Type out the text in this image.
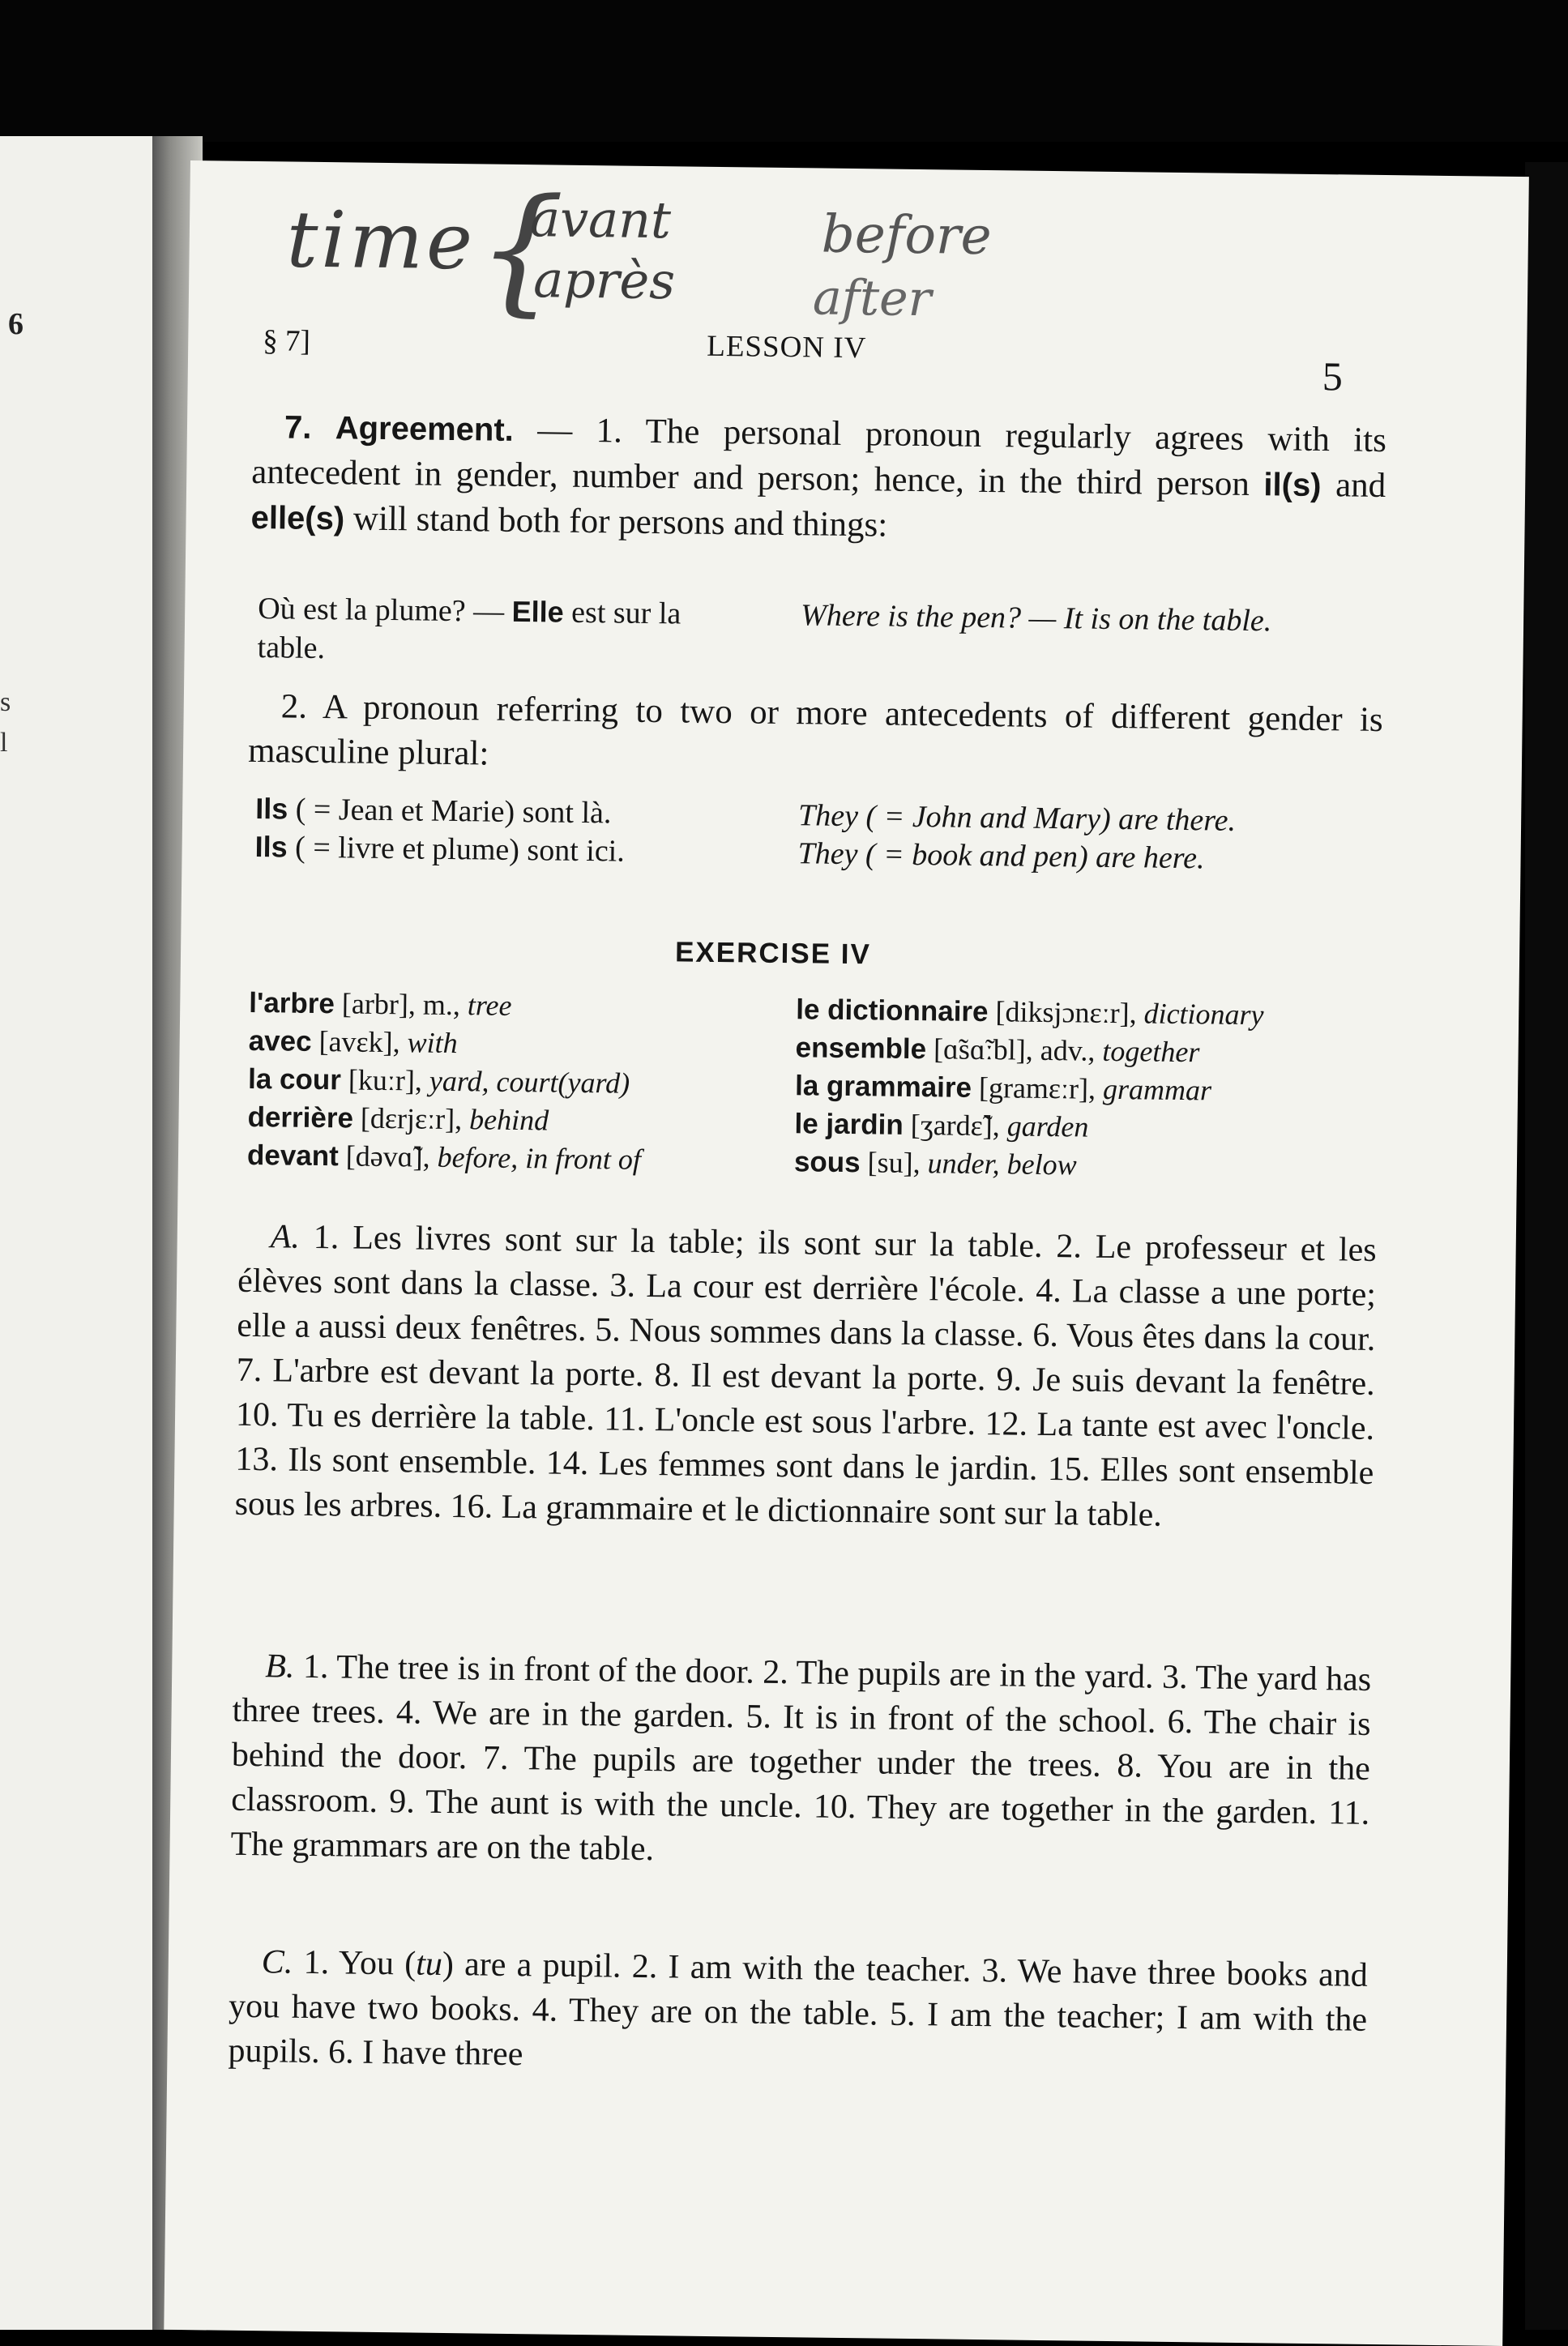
6
s
l
time {
avant
après
before
after
§ 7]	LESSON IV
5

7. Agreement. — 1. The personal pronoun regularly agrees with its antecedent in gender, number and person; hence, in the third person il(s) and elle(s) will stand both for persons and things:

Où est la plume? — Elle est sur la table.
Where is the pen? — It is on the table.

2. A pronoun referring to two or more antecedents of different gender is masculine plural:

Ils ( = Jean et Marie) sont là.	They ( = John and Mary) are there.
Ils ( = livre et plume) sont ici.	They ( = book and pen) are here.
EXERCISE IV
l'arbre [arbr], m., tree
avec [avɛk], with
la cour [kuːr], yard, court(yard)
derrière [dɛrjɛːr], behind
devant [dəvɑ̃], before, in front of
le dictionnaire [diksjɔnɛːr], dictionary
ensemble [ɑ̃sɑ̃ːbl], adv., together
la grammaire [gramɛːr], grammar
le jardin [ʒardɛ̃], garden
sous [su], under, below
A. 1. Les livres sont sur la table; ils sont sur la table. 2. Le professeur et les élèves sont dans la classe. 3. La cour est derrière l'école. 4. La classe a une porte; elle a aussi deux fenêtres. 5. Nous sommes dans la classe. 6. Vous êtes dans la cour. 7. L'arbre est devant la porte. 8. Il est devant la porte. 9. Je suis devant la fenêtre. 10. Tu es derrière la table. 11. L'oncle est sous l'arbre. 12. La tante est avec l'oncle. 13. Ils sont ensemble. 14. Les femmes sont dans le jardin. 15. Elles sont ensemble sous les arbres. 16. La grammaire et le dictionnaire sont sur la table.
B. 1. The tree is in front of the door. 2. The pupils are in the yard. 3. The yard has three trees. 4. We are in the garden. 5. It is in front of the school. 6. The chair is behind the door. 7. The pupils are together under the trees. 8. You are in the classroom. 9. The aunt is with the uncle. 10. They are together in the garden. 11. The grammars are on the table.
C. 1. You (tu) are a pupil. 2. I am with the teacher. 3. We have three books and you have two books. 4. They are on the table. 5. I am the teacher; I am with the pupils. 6. I have three
